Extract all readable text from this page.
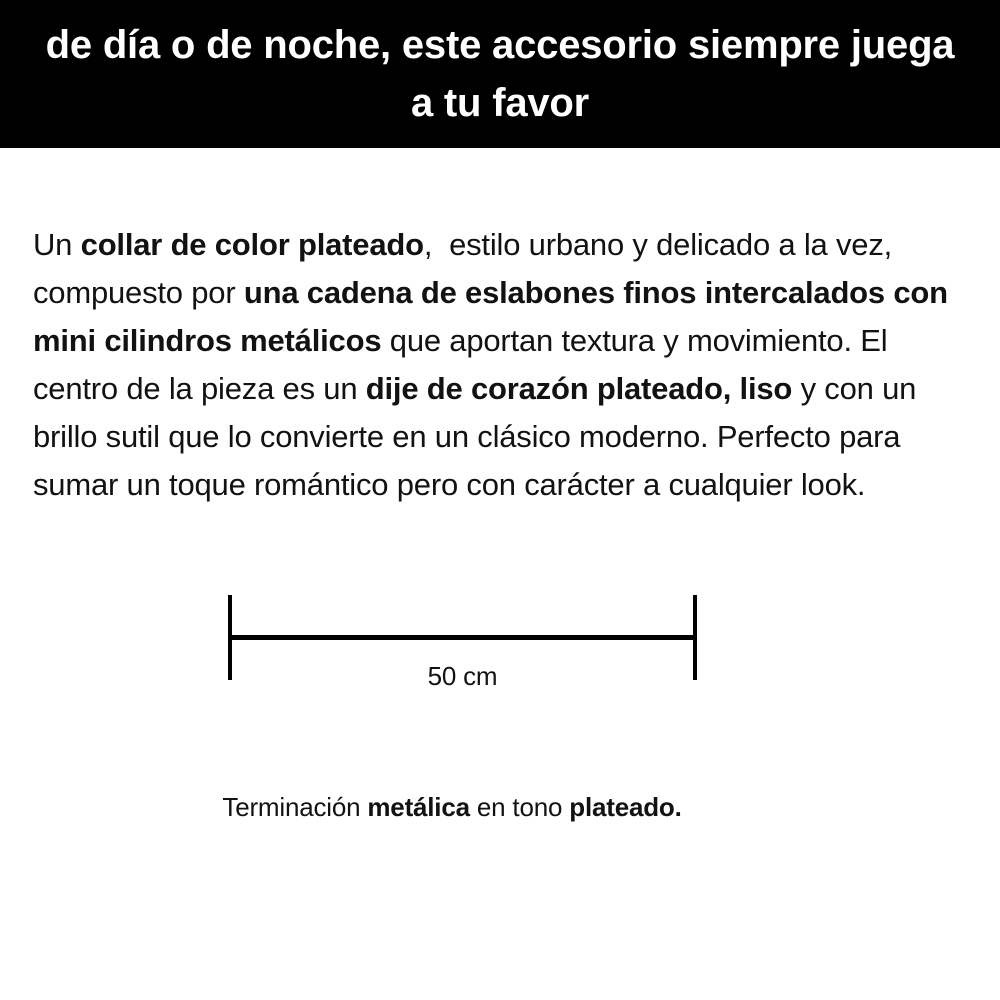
de día o de noche, este accesorio siempre juega a tu favor

Un collar de color plateado,  estilo urbano y delicado a la vez, compuesto por una cadena de eslabones finos intercalados con mini cilindros metálicos que aportan textura y movimiento. El centro de la pieza es un dije de corazón plateado, liso y con un brillo sutil que lo convierte en un clásico moderno. Perfecto para sumar un toque romántico pero con carácter a cualquier look.

50 cm

Terminación metálica en tono plateado.
